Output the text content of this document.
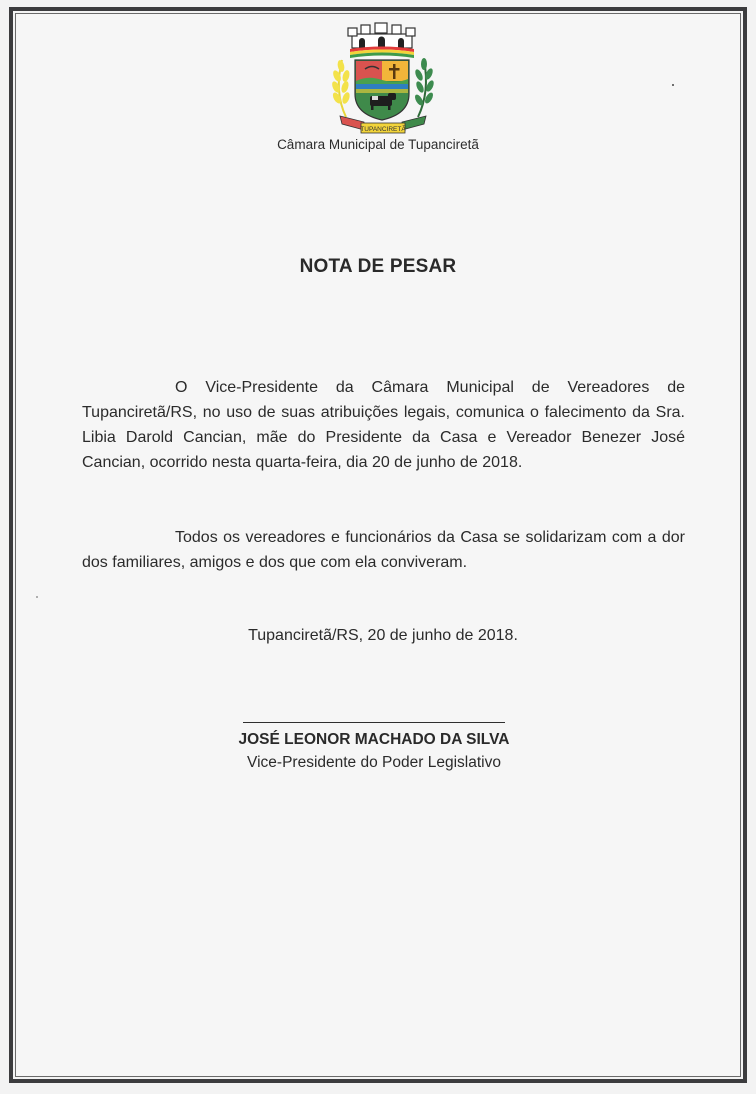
TUPANCIRETÃ
Câmara Municipal de Tupanciretã
NOTA DE PESAR
O Vice-Presidente da Câmara Municipal de Vereadores de Tupanciretã/RS, no uso de suas atribuições legais, comunica o falecimento da Sra. Libia Darold Cancian, mãe do Presidente da Casa e Vereador Benezer José Cancian, ocorrido nesta quarta-feira, dia 20 de junho de 2018.
Todos os vereadores e funcionários da Casa se solidarizam com a dor dos familiares, amigos e dos que com ela conviveram.
Tupanciretã/RS, 20 de junho de 2018.
JOSÉ LEONOR MACHADO DA SILVA
Vice-Presidente do Poder Legislativo
